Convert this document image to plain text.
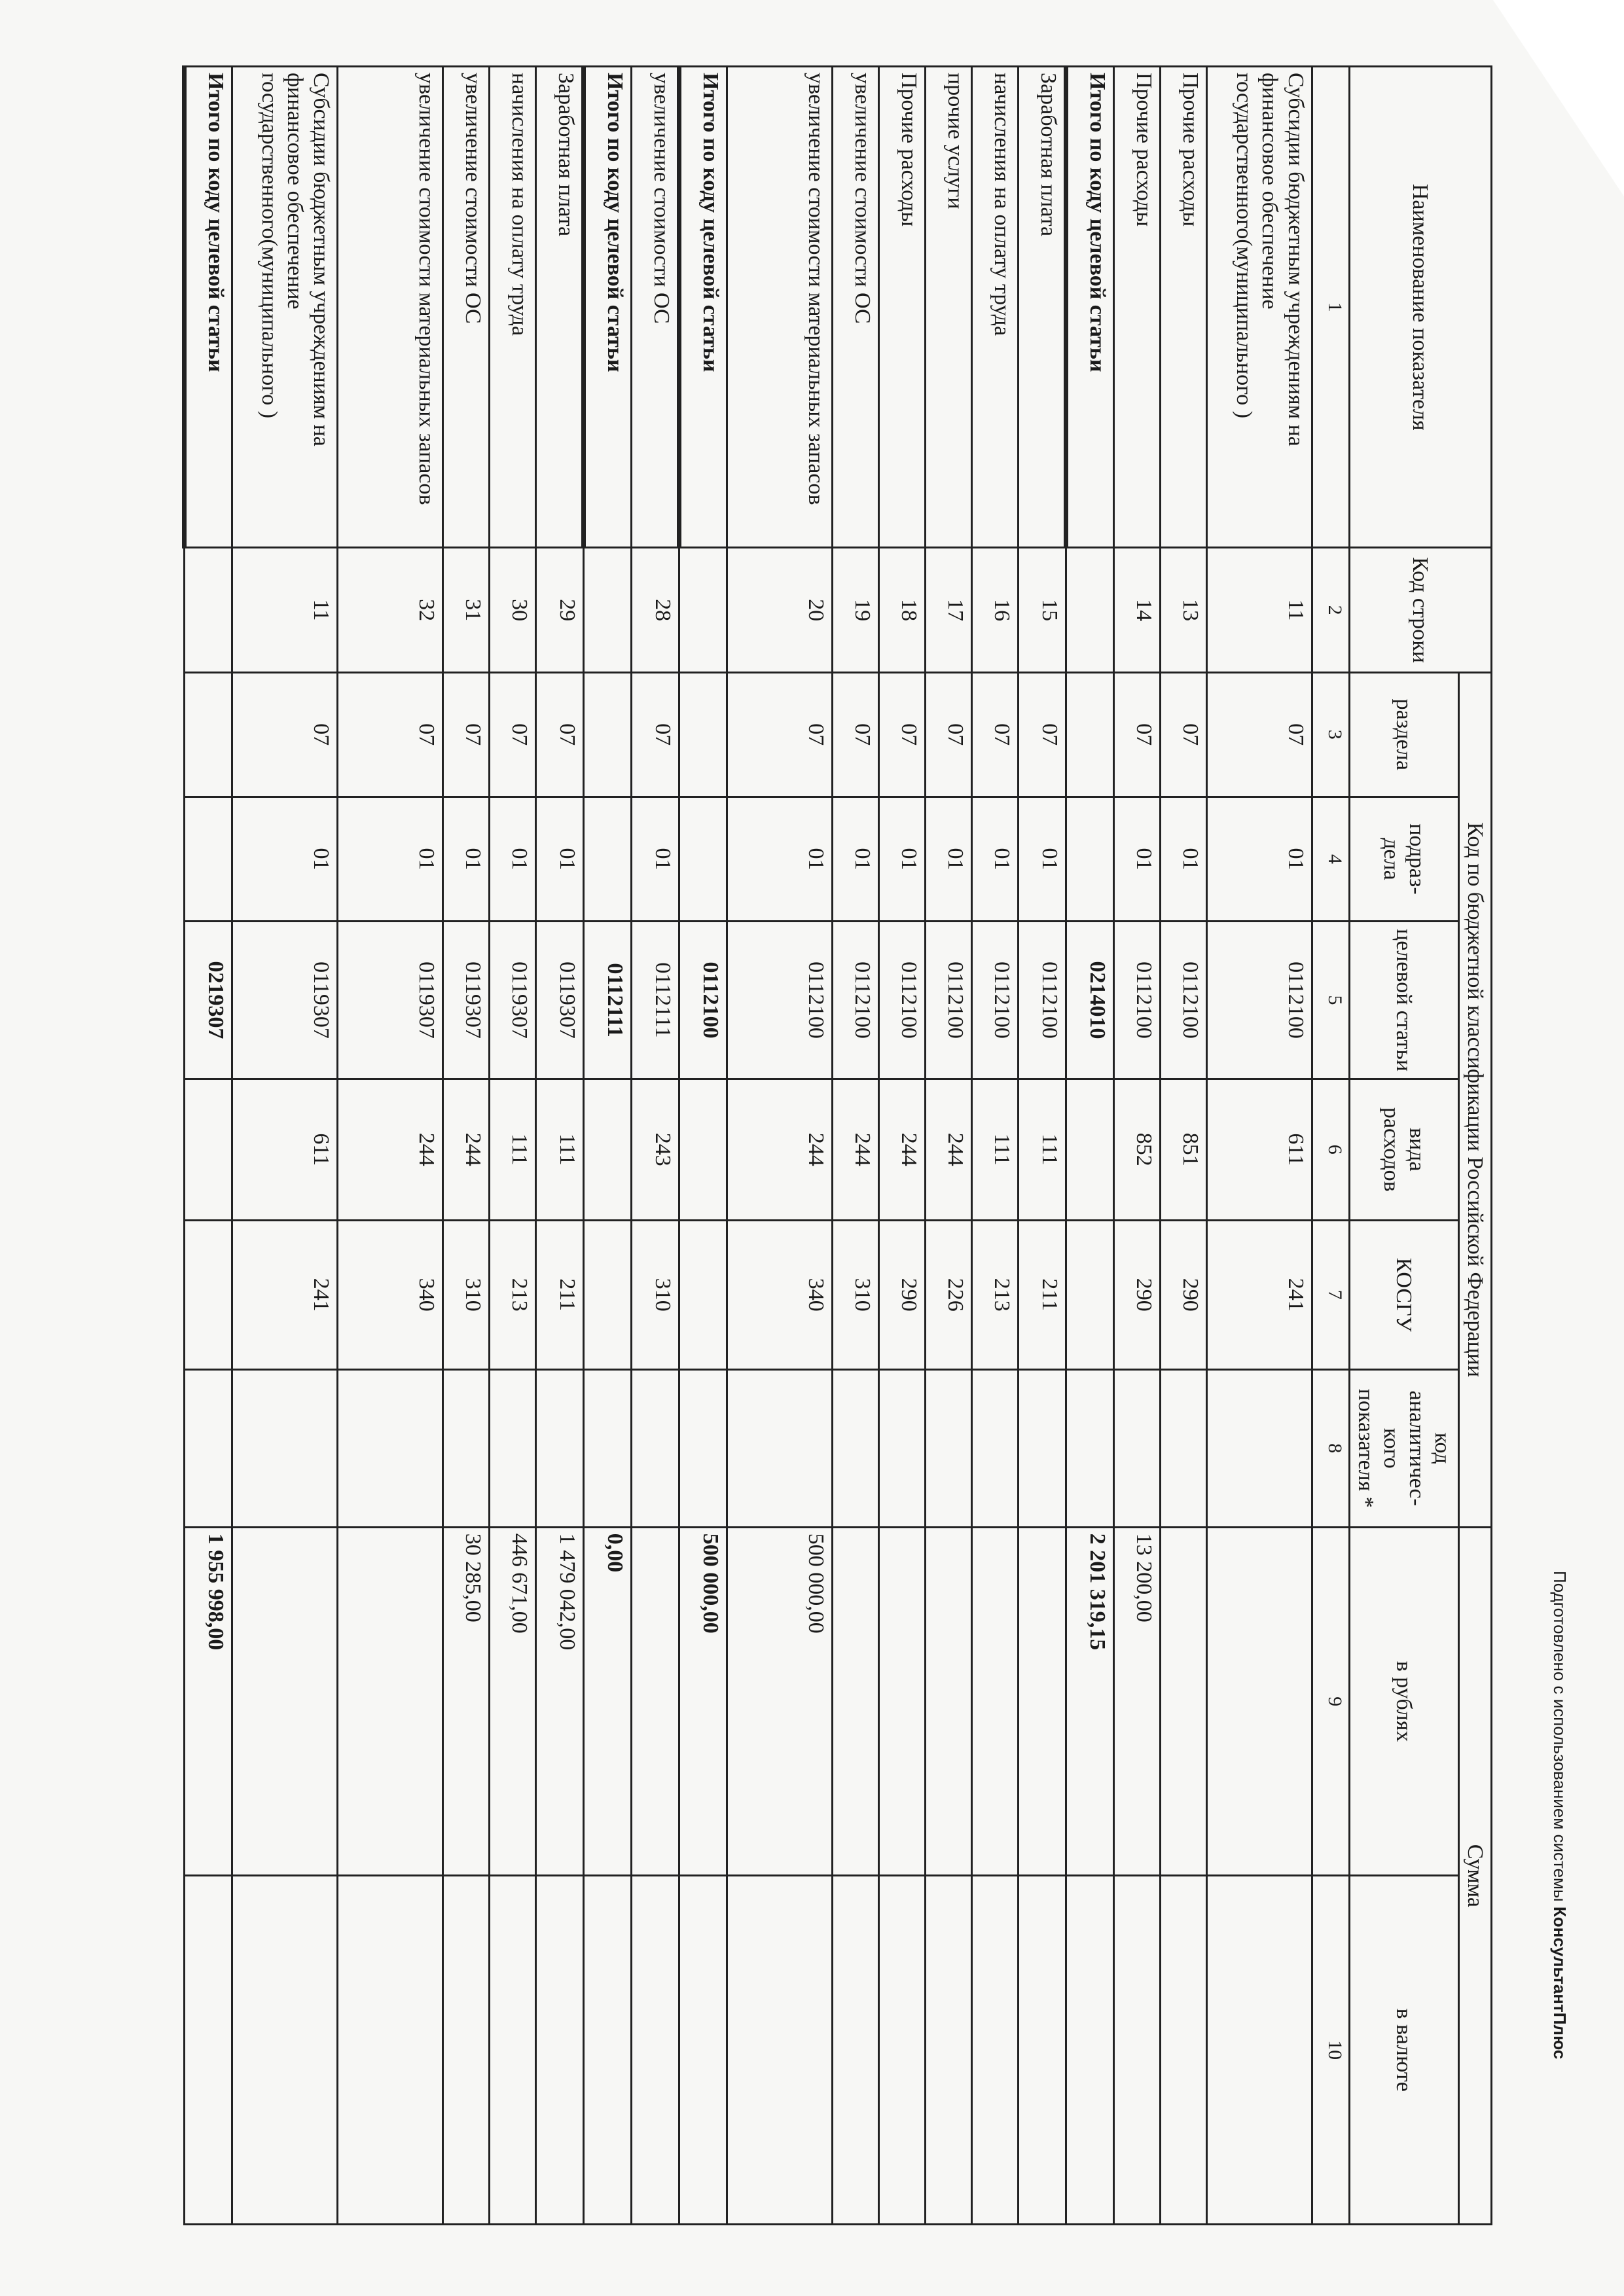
Подготовлено с использованием системы КонсультантПлюс
Наименование показателя	Код строки	Код по бюджетной классификации Российской Федерации						Сумма	
		раздела	подраз-дела	целевой статьи	вида расходов	КОСГУ	код аналитичес-кого показателя *	в рублях	в валюте

1	2	3	4	5	6	7	8	9	10
Субсидии бюджетным учреждениям на финансовое обеспечение государственного(муниципального )	11	07	01	0112100	611	241			
Прочие расходы	13	07	01	0112100	851	290			
Прочие расходы	14	07	01	0112100	852	290		13 200,00	
Итого по коду целевой статьи				0214010				2 201 319,15	
Заработная плата	15	07	01	0112100	111	211			
начисления на оплату труда	16	07	01	0112100	111	213			
прочие услуги	17	07	01	0112100	244	226			
Прочие расходы	18	07	01	0112100	244	290			
увеличение стоимости ОС	19	07	01	0112100	244	310			
увеличение стоимости материальных запасов	20	07	01	0112100	244	340		500 000,00	
Итого по коду целевой статьи				0112100				500 000,00	
увеличение стоимости ОС	28	07	01	0112111	243	310			
Итого по коду целевой статьи				0112111				0,00	
Заработная плата	29	07	01	0119307	111	211		1 479 042,00	
начисления на оплату труда	30	07	01	0119307	111	213		446 671,00	
увеличение стоимости ОС	31	07	01	0119307	244	310		30 285,00	
увеличение стоимости материальных запасов	32	07	01	0119307	244	340			
Субсидии бюджетным учреждениям на финансовое обеспечение государственного(муниципального )	11	07	01	0119307	611	241			
Итого по коду целевой статьи				0219307				1 955 998,00	
